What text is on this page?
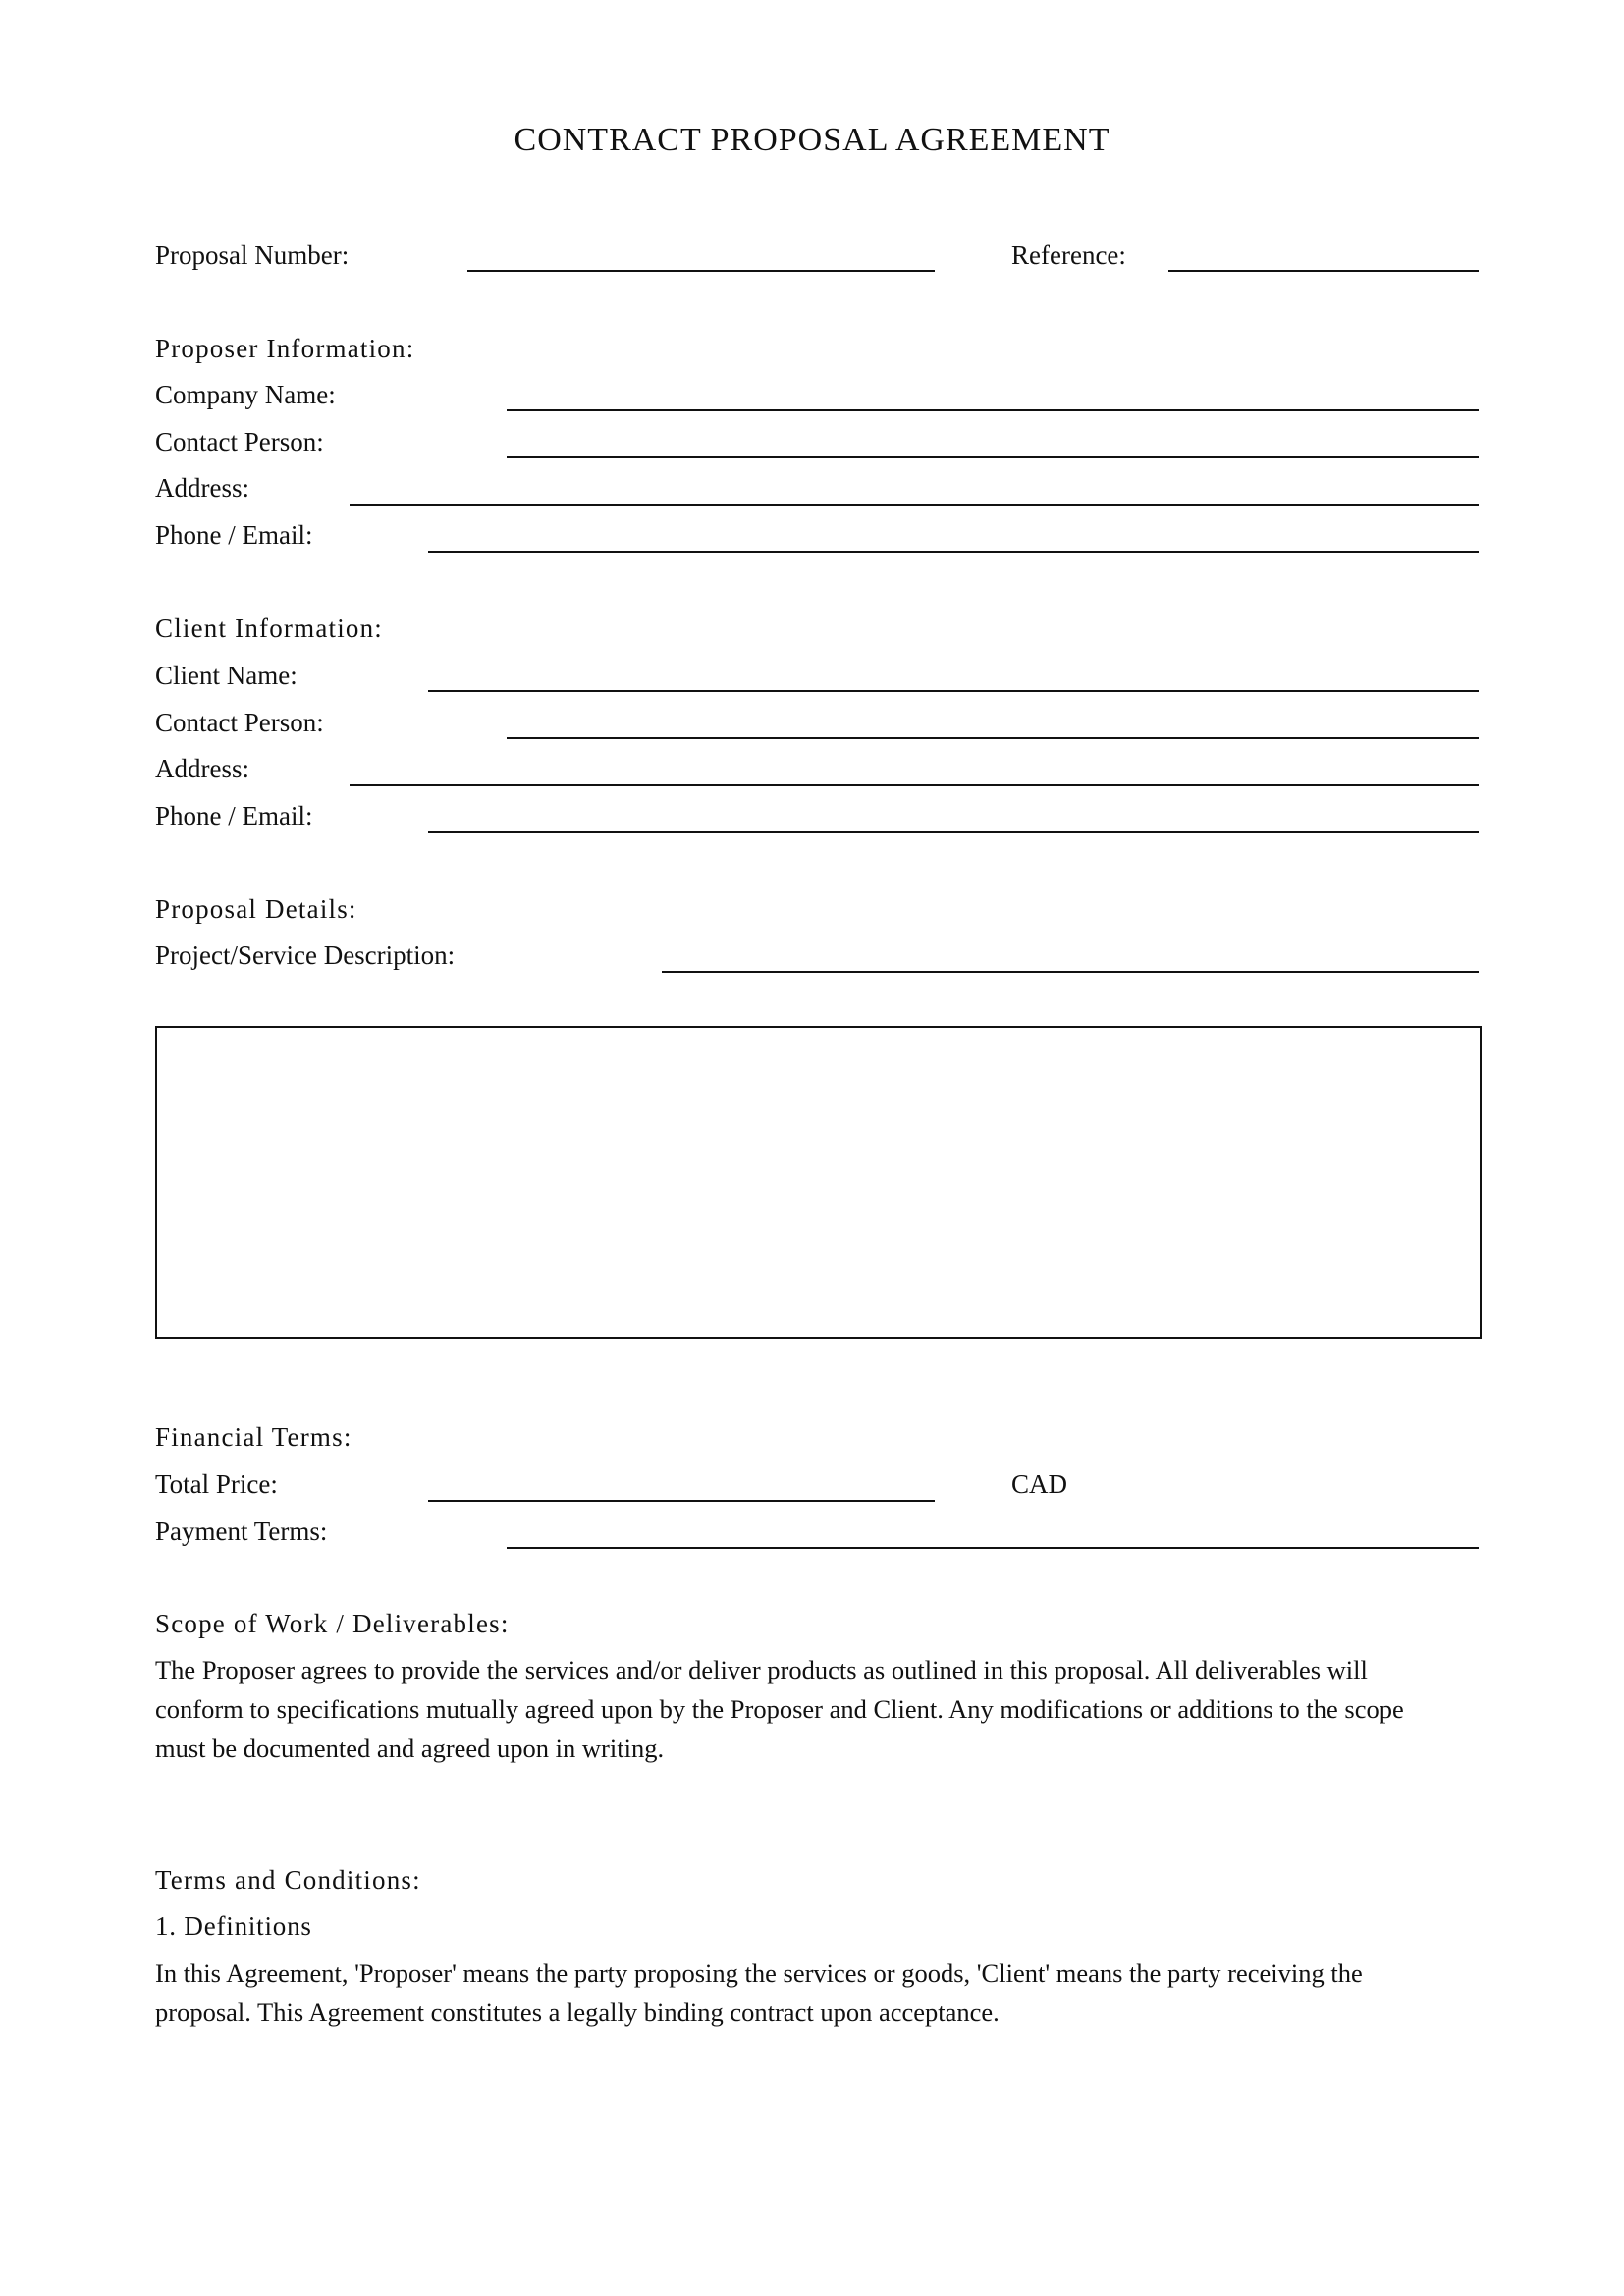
CONTRACT PROPOSAL AGREEMENT
Proposal Number:	Reference:
Proposer Information:
Company Name:
Contact Person:
Address:
Phone / Email:
Client Information:
Client Name:
Contact Person:
Address:
Phone / Email:
Proposal Details:
Project/Service Description:
Financial Terms:
Total Price:	CAD
Payment Terms:
Scope of Work / Deliverables:
The Proposer agrees to provide the services and/or deliver products as outlined in this proposal. All deliverables will
conform to specifications mutually agreed upon by the Proposer and Client. Any modifications or additions to the scope
must be documented and agreed upon in writing.
Terms and Conditions:
1. Definitions
In this Agreement, 'Proposer' means the party proposing the services or goods, 'Client' means the party receiving the
proposal. This Agreement constitutes a legally binding contract upon acceptance.
